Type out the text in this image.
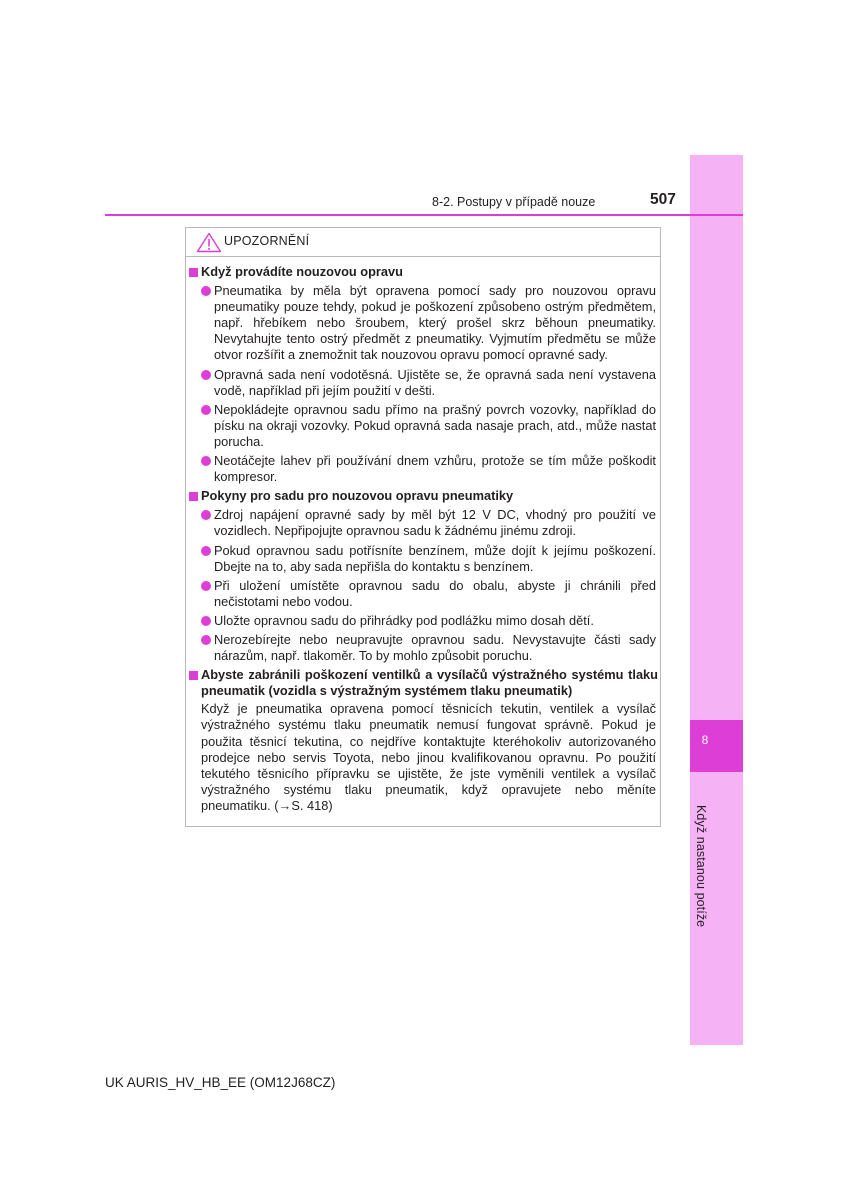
8
Když nastanou potíže
8-2. Postupy v případě nouze	507
UPOZORNĚNÍ
Když provádíte nouzovou opravu
Pneumatika by měla být opravena pomocí sady pro nouzovou opravu pneumatiky pouze tehdy, pokud je poškození způsobeno ostrým předmětem, např. hřebíkem nebo šroubem, který prošel skrz běhoun pneumatiky. Nevytahujte tento ostrý předmět z pneumatiky. Vyjmutím předmětu se může otvor rozšířit a znemožnit tak nouzovou opravu pomocí opravné sady.
Opravná sada není vodotěsná. Ujistěte se, že opravná sada není vystavena vodě, například při jejím použití v dešti.
Nepokládejte opravnou sadu přímo na prašný povrch vozovky, například do písku na okraji vozovky. Pokud opravná sada nasaje prach, atd., může nastat porucha.
Neotáčejte lahev při používání dnem vzhůru, protože se tím může poškodit kompresor.
Pokyny pro sadu pro nouzovou opravu pneumatiky
Zdroj napájení opravné sady by měl být 12 V DC, vhodný pro použití ve vozidlech. Nepřipojujte opravnou sadu k žádnému jinému zdroji.
Pokud opravnou sadu potřísníte benzínem, může dojít k jejímu poškození. Dbejte na to, aby sada nepřišla do kontaktu s benzínem.
Při uložení umístěte opravnou sadu do obalu, abyste ji chránili před nečistotami nebo vodou.
Uložte opravnou sadu do přihrádky pod podlážku mimo dosah dětí.
Nerozebírejte nebo neupravujte opravnou sadu. Nevystavujte části sady nárazům, např. tlakoměr. To by mohlo způsobit poruchu.
Abyste zabránili poškození ventilků a vysílačů výstražného systému tlaku pneumatik (vozidla s výstražným systémem tlaku pneumatik)
Když je pneumatika opravena pomocí těsnicích tekutin, ventilek a vysílač výstražného systému tlaku pneumatik nemusí fungovat správně. Pokud je použita těsnicí tekutina, co nejdříve kontaktujte kteréhokoliv autorizovaného prodejce nebo servis Toyota, nebo jinou kvalifikovanou opravnu. Po použití tekutého těsnicího přípravku se ujistěte, že jste vyměnili ventilek a vysílač výstražného systému tlaku pneumatik, když opravujete nebo měníte pneumatiku. (→S. 418)
UK AURIS_HV_HB_EE (OM12J68CZ)
